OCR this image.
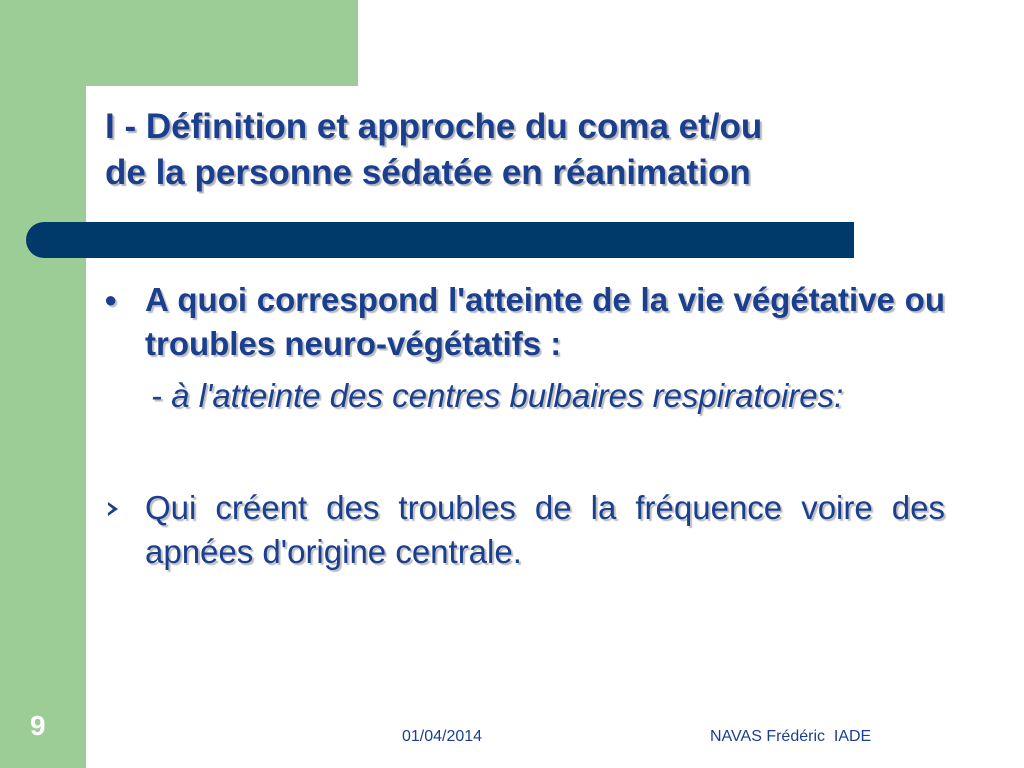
I - Définition et approche du coma et/ou
de la personne sédatée en réanimation
● A quoi correspond l'atteinte de la vie végétative ou troubles neuro-végétatifs :
- à l'atteinte des centres bulbaires respiratoires:
Qui créent des troubles de la fréquence voire des apnées d'origine centrale.
9	01/04/2014	NAVAS Frédéric  IADE
